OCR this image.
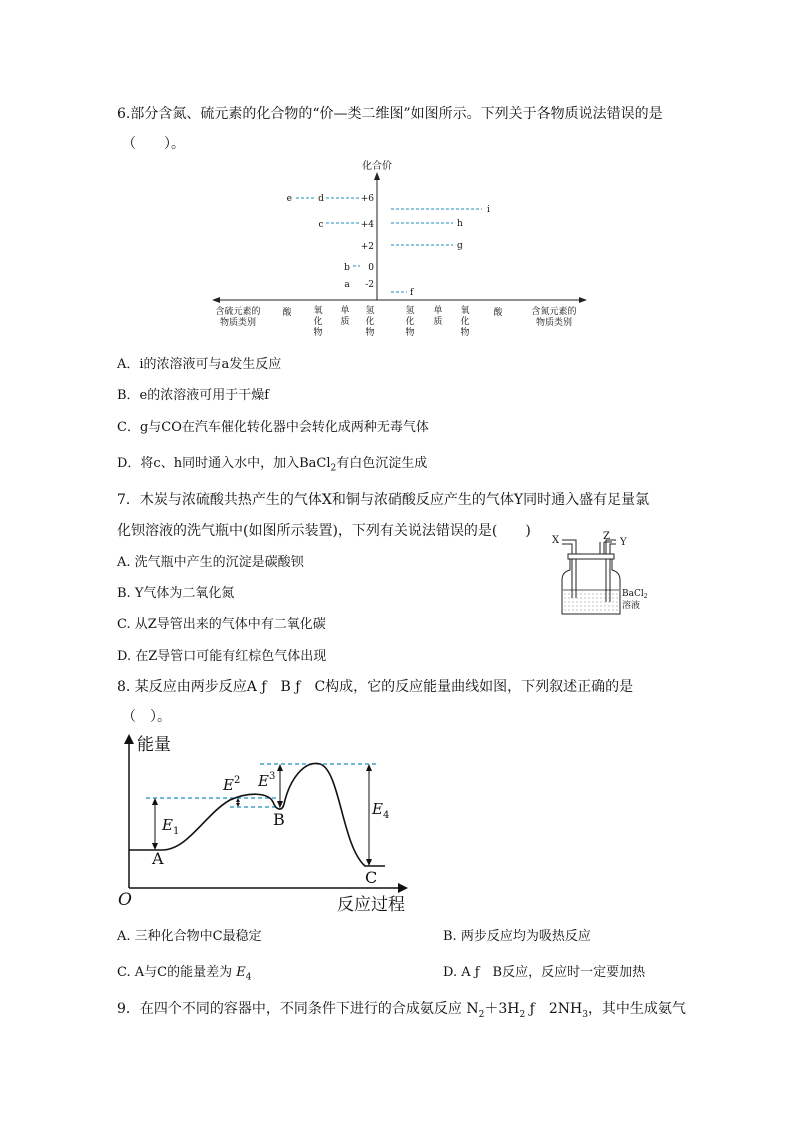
6.部分含氮、硫元素的化合物的“价—类二维图”如图所示。下列关于各物质说法错误的是
（　　）。
化合价
+6
+4
+2
0
-2
e	d
c
b
a
i
h
g
f
含硫元素的
物质类别
酸 氧
化
物
单
质
氢
化
物
氢
化
物
单
质
氧
化
物
酸	含氮元素的
物质类别
A．i的浓溶液可与a发生反应
B．e的浓溶液可用于干燥f
C．g与CO在汽车催化转化器中会转化成两种无毒气体
D．将c、h同时通入水中，加入BaCl$_2$有白色沉淀生成
7．木炭与浓硫酸共热产生的气体X和铜与浓硝酸反应产生的气体Y同时通入盛有足量氯
化钡溶液的洗气瓶中(如图所示装置)，下列有关说法错误的是(　　)
X	Z
Y
BaCl$_2$
溶液
A. 洗气瓶中产生的沉淀是碳酸钡
B. Y气体为二氧化氮
C. 从Z导管出来的气体中有二氧化碳
D. 在Z导管口可能有红棕色气体出现
8. 某反应由两步反应A ƒ　B ƒ　C构成，它的反应能量曲线如图，下列叙述正确的是
（　）。
能量
反应过程
O
$E_1$
$E^2$ $E^3$
$E_4$
A
B
C
A. 三种化合物中C最稳定	B. 两步反应均为吸热反应
C. A与C的能量差为 $E_4$	D. A ƒ　B反应，反应时一定要加热
9．在四个不同的容器中，不同条件下进行的合成氨反应 $N_2+3H_2$ ƒ　$2NH_3$，其中生成氨气
